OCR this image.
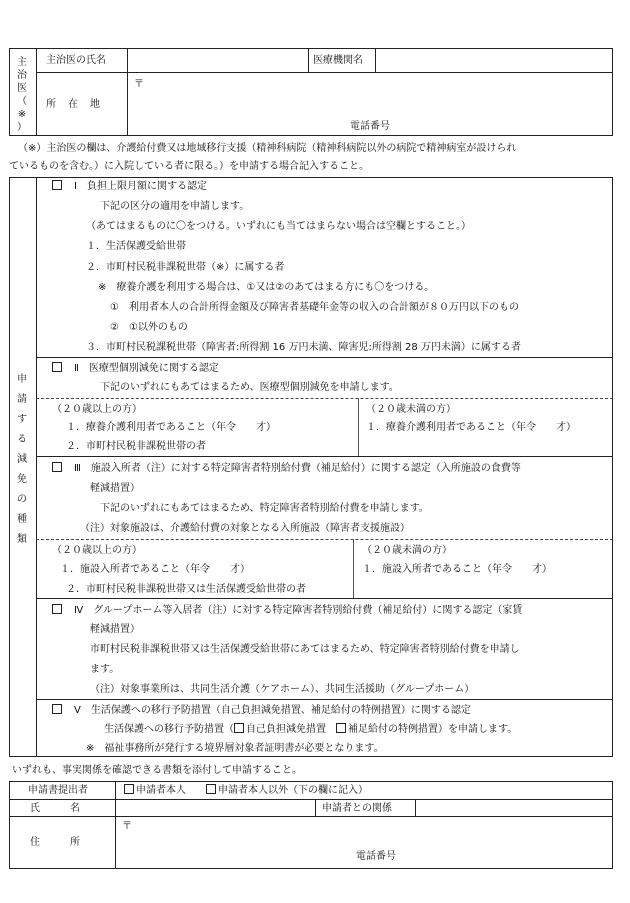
主
治
医
（
※
）
主治医の氏名	医療機関名
所　在　地
〒
電話番号
（※）主治医の欄は、介護給付費又は地域移行支援（精神科病院（精神科病院以外の病院で精神病室が設けられ
ているものを含む。）に入院している者に限る。）を申請する場合記入すること。
申
請
す
る
減
免
の
種
類
　Ⅰ　負担上限月額に関する認定
下記の区分の適用を申請します。
（あてはまるものに〇をつける。いずれにも当てはまらない場合は空欄とすること。）
１．生活保護受給世帯
２．市町村民税非課税世帯（※）に属する者
※　療養介護を利用する場合は、①又は②のあてはまる方にも〇をつける。
①　利用者本人の合計所得金額及び障害者基礎年金等の収入の合計額が８０万円以下のもの
②　①以外のもの
３．市町村民税課税世帯（障害者:所得割 16 万円未満、障害児:所得割 28 万円未満）に属する者
　Ⅱ　医療型個別減免に関する認定
下記のいずれにもあてはまるため、医療型個別減免を申請します。
（２０歳以上の方）
１．療養介護利用者であること（年令　　才）
２．市町村民税非課税世帯の者
（２０歳未満の方）
１．療養介護利用者であること（年令　　才）
　Ⅲ　施設入所者（注）に対する特定障害者特別給付費（補足給付）に関する認定（入所施設の食費等
軽減措置）
下記のいずれにもあてはまるため、特定障害者特別給付費を申請します。
（注）対象施設は、介護給付費の対象となる入所施設（障害者支援施設）
（２０歳以上の方）
１．施設入所者であること（年令　　才）
２．市町村民税非課税世帯又は生活保護受給世帯の者
（２０歳未満の方）
１．施設入所者であること（年令　　才）
　Ⅳ　グループホーム等入居者（注）に対する特定障害者特別給付費（補足給付）に関する認定（家賃
軽減措置）
市町村民税非課税世帯又は生活保護受給世帯にあてはまるため、特定障害者特別給付費を申請し
ます。
（注）対象事業所は、共同生活介護（ケアホーム）、共同生活援助（グループホーム）
　Ⅴ　生活保護への移行予防措置（自己負担減免措置、補足給付の特例措置）に関する認定
生活保護への移行予防措置（ 自己負担減免措置　補足給付の特例措置）を申請します。
※　福祉事務所が発行する境界層対象者証明書が必要となります。
いずれも、事実関係を確認できる書類を添付して申請すること。
申請書提出者	申請者本人　　	申請者本人以外（下の欄に記入）
氏　　　名	申請者との関係
住　　　所
〒
電話番号
